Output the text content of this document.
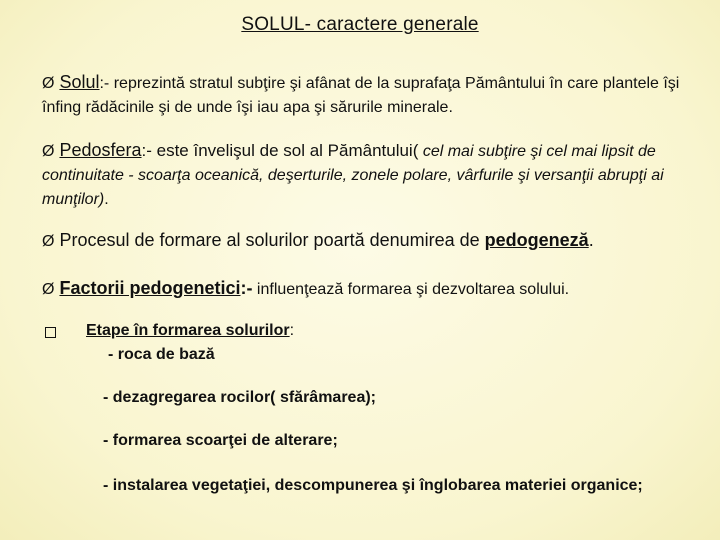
SOLUL- caractere generale
Ø Solul:- reprezintă stratul subţire şi afânat de la suprafaţa Pământului în care plantele îşi înfing rădăcinile şi de unde îşi iau apa şi sărurile minerale.
Ø Pedosfera:- este învelişul de sol al Pământului( cel mai subţire şi cel mai lipsit de continuitate - scoarţa oceanică, deşerturile, zonele polare, vârfurile şi versanţii abrupţi ai munţilor).
Ø Procesul de formare al solurilor poartă denumirea de pedogeneză.
Ø Factorii pedogenetici:- influenţează formarea şi dezvoltarea solului.
Etape în formarea solurilor:
- roca de bază
- dezagregarea rocilor( sfărâmarea);
- formarea scoarţei de alterare;
- instalarea vegetaţiei, descompunerea şi înglobarea materiei organice;
